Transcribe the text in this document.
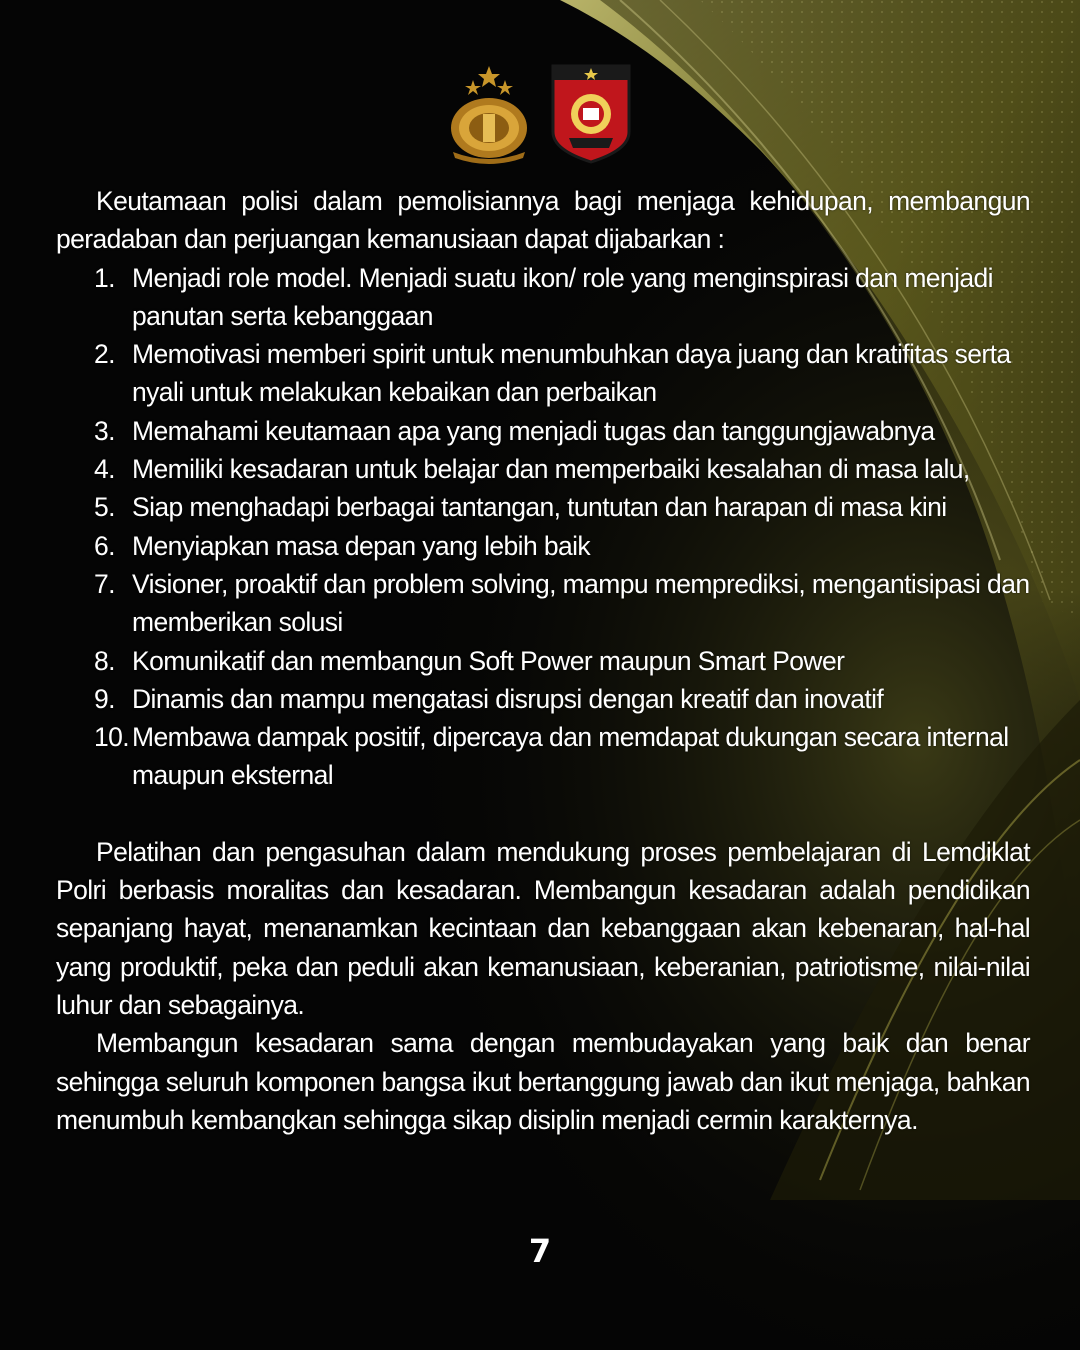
Keutamaan polisi dalam pemolisiannya bagi menjaga kehidupan, membangun peradaban dan perjuangan kemanusiaan dapat dijabarkan :

1. Menjadi role model. Menjadi suatu ikon/ role yang menginspirasi dan menjadi panutan serta kebanggaan
2. Memotivasi memberi spirit untuk menumbuhkan daya juang dan kratifitas serta nyali untuk melakukan kebaikan dan perbaikan
3. Memahami keutamaan apa yang menjadi tugas dan tanggungjawabnya
4. Memiliki kesadaran untuk belajar dan memperbaiki kesalahan di masa lalu,
5. Siap menghadapi berbagai tantangan, tuntutan dan harapan di masa kini
6. Menyiapkan masa depan yang lebih baik
7. Visioner, proaktif dan problem solving, mampu memprediksi, mengantisipasi dan memberikan solusi
8. Komunikatif dan membangun Soft Power maupun Smart Power
9. Dinamis dan mampu mengatasi disrupsi dengan kreatif dan inovatif
10. Membawa dampak positif, dipercaya dan memdapat dukungan secara internal maupun eksternal

Pelatihan dan pengasuhan dalam mendukung proses pembelajaran di Lemdiklat Polri berbasis moralitas dan kesadaran. Membangun kesadaran adalah pendidikan sepanjang hayat, menanamkan kecintaan dan kebanggaan akan kebenaran, hal-hal yang produktif, peka dan peduli akan kemanusiaan, keberanian, patriotisme, nilai-nilai luhur dan sebagainya.

Membangun kesadaran sama dengan membudayakan yang baik dan benar sehingga seluruh komponen bangsa ikut bertanggung jawab dan ikut menjaga, bahkan menumbuh kembangkan sehingga sikap disiplin menjadi cermin karakternya.

7
